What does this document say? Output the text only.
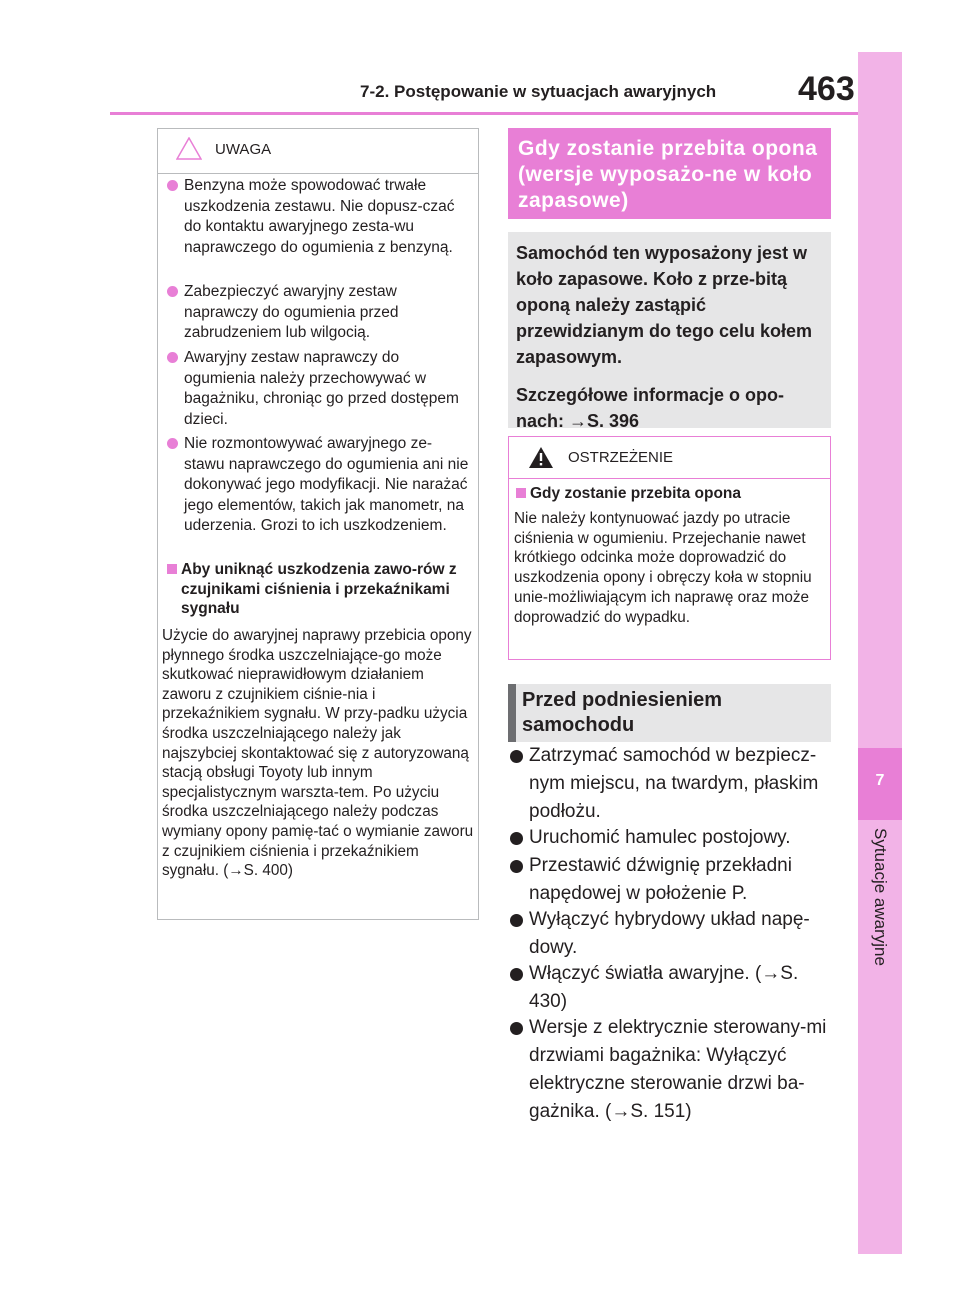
7-2. Postępowanie w sytuacjach awaryjnych 463
7
Sytuacje awaryjne
UWAGA
Benzyna może spowodować trwałe uszkodzenia zestawu. Nie dopusz-czać do kontaktu awaryjnego zesta-wu naprawczego do ogumienia z benzyną.
Zabezpieczyć awaryjny zestaw naprawczy do ogumienia przed zabrudzeniem lub wilgocią.
Awaryjny zestaw naprawczy do ogumienia należy przechowywać w bagażniku, chroniąc go przed dostępem dzieci.
Nie rozmontowywać awaryjnego ze-stawu naprawczego do ogumienia ani nie dokonywać jego modyfikacji. Nie narażać jego elementów, takich jak manometr, na uderzenia. Grozi to ich uszkodzeniem.
Aby uniknąć uszkodzenia zawo-rów z czujnikami ciśnienia i przekaźnikami sygnału
Użycie do awaryjnej naprawy przebicia opony płynnego środka uszczelniające-go może skutkować nieprawidłowym działaniem zaworu z czujnikiem ciśnie-nia i przekaźnikiem sygnału. W przy-padku użycia środka uszczelniającego należy jak najszybciej skontaktować się z autoryzowaną stacją obsługi Toyoty lub innym specjalistycznym warszta-tem. Po użyciu środka uszczelniającego należy podczas wymiany opony pamię-tać o wymianie zaworu z czujnikiem ciśnienia i przekaźnikiem sygnału. (→S. 400)
Gdy zostanie przebita opona (wersje wyposażo-ne w koło zapasowe)

Samochód ten wyposażony jest w koło zapasowe. Koło z prze-bitą oponą należy zastąpić przewidzianym do tego celu kołem zapasowym.

Szczegółowe informacje o opo-nach: →S. 396

OSTRZEŻENIE
Gdy zostanie przebita opona
Nie należy kontynuować jazdy po utracie ciśnienia w ogumieniu. Przejechanie nawet krótkiego odcinka może doprowadzić do uszkodzenia opony i obręczy koła w stopniu unie-możliwiającym ich naprawę oraz może doprowadzić do wypadku.
Przed podniesieniem samochodu
Zatrzymać samochód w bezpiecz-nym miejscu, na twardym, płaskim podłożu.
Uruchomić hamulec postojowy.
Przestawić dźwignię przekładni napędowej w położenie P.
Wyłączyć hybrydowy układ napę-dowy.
Włączyć światła awaryjne. (→S. 430)
Wersje z elektrycznie sterowany-mi drzwiami bagażnika: Wyłączyć elektryczne sterowanie drzwi ba-gażnika. (→S. 151)
